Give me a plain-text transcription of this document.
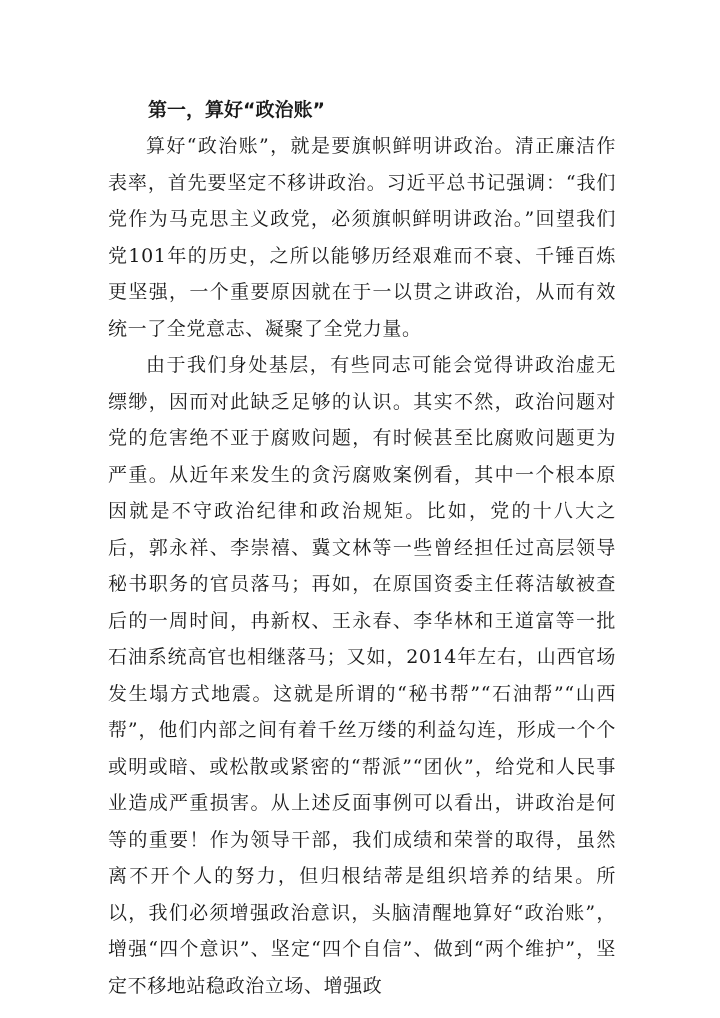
第一，算好“政治账”

算好“政治账”，就是要旗帜鲜明讲政治。清正廉洁作表率，首先要坚定不移讲政治。习近平总书记强调：“我们党作为马克思主义政党，必须旗帜鲜明讲政治。”回望我们党101年的历史，之所以能够历经艰难而不衰、千锤百炼更坚强，一个重要原因就在于一以贯之讲政治，从而有效统一了全党意志、凝聚了全党力量。

由于我们身处基层，有些同志可能会觉得讲政治虚无缥缈，因而对此缺乏足够的认识。其实不然，政治问题对党的危害绝不亚于腐败问题，有时候甚至比腐败问题更为严重。从近年来发生的贪污腐败案例看，其中一个根本原因就是不守政治纪律和政治规矩。比如，党的十八大之后，郭永祥、李崇禧、冀文林等一些曾经担任过高层领导秘书职务的官员落马；再如，在原国资委主任蒋洁敏被查后的一周时间，冉新权、王永春、李华林和王道富等一批石油系统高官也相继落马；又如，2014年左右，山西官场发生塌方式地震。这就是所谓的“秘书帮”“石油帮”“山西帮”，他们内部之间有着千丝万缕的利益勾连，形成一个个或明或暗、或松散或紧密的“帮派”“团伙”，给党和人民事业造成严重损害。从上述反面事例可以看出，讲政治是何等的重要！作为领导干部，我们成绩和荣誉的取得，虽然离不开个人的努力，但归根结蒂是组织培养的结果。所以，我们必须增强政治意识，头脑清醒地算好“政治账”，增强“四个意识”、坚定“四个自信”、做到“两个维护”，坚定不移地站稳政治立场、增强政
